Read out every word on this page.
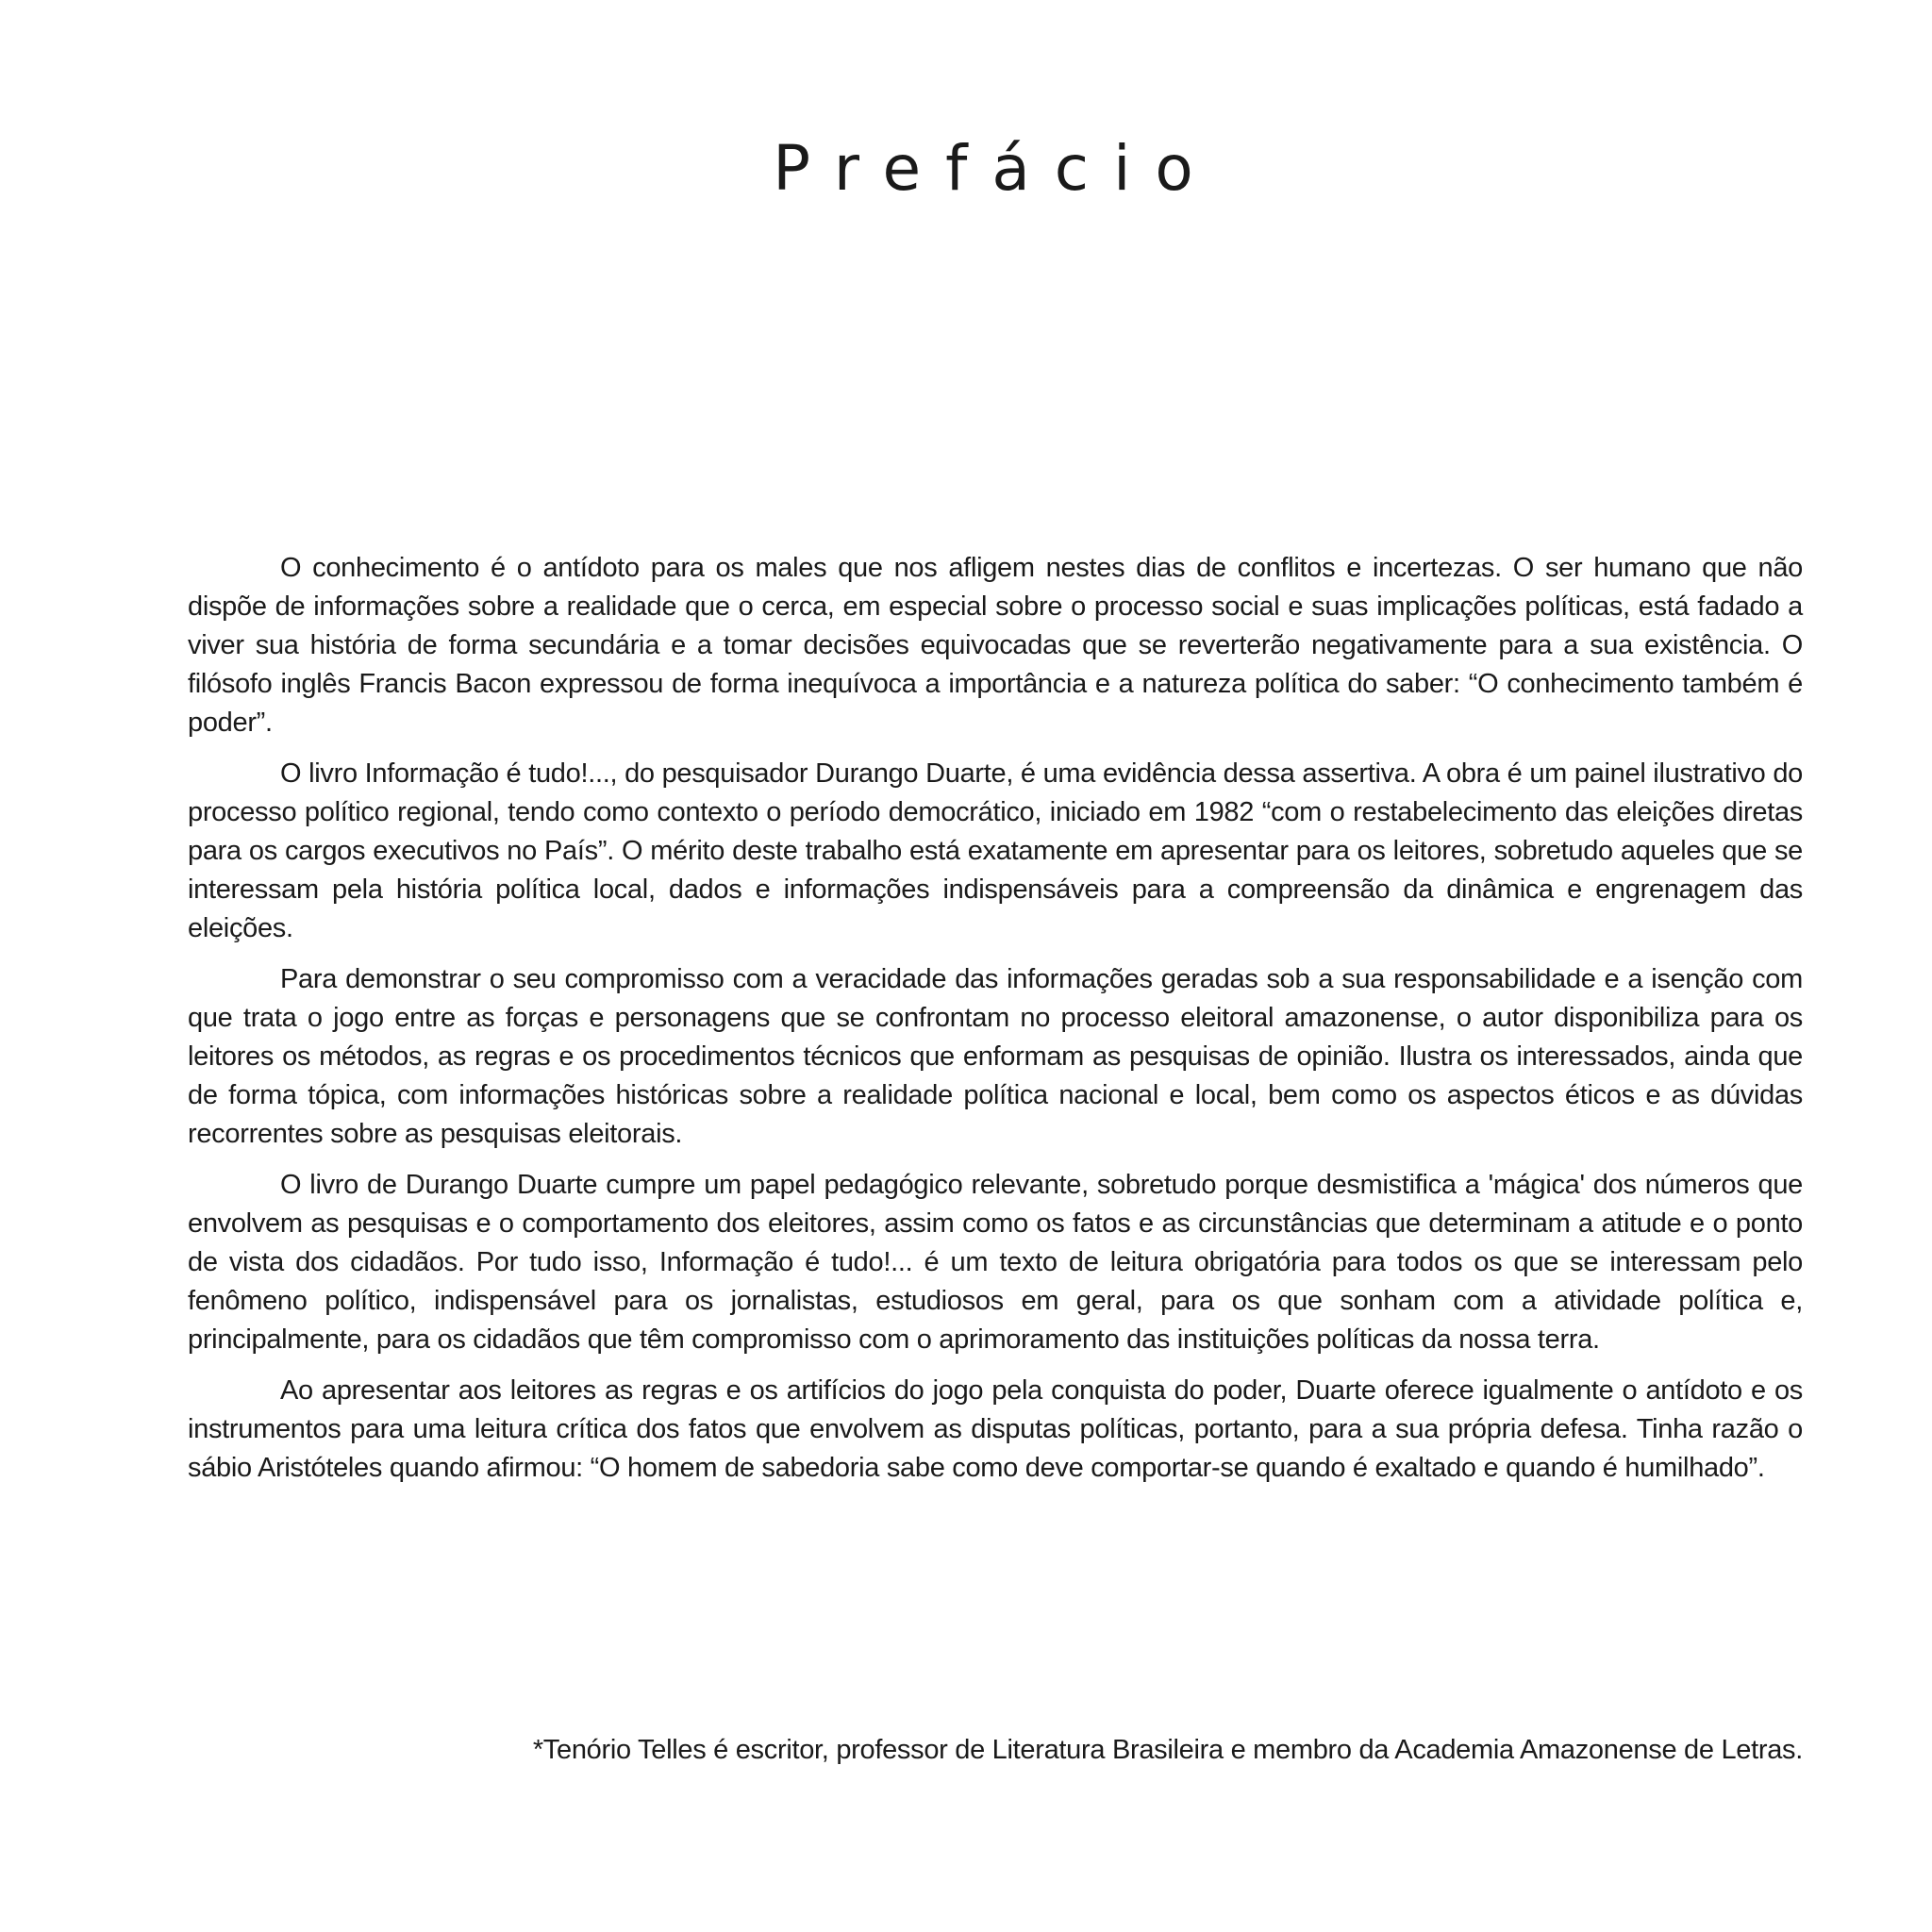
Prefácio

O conhecimento é o antídoto para os males que nos afligem nestes dias de conflitos e incertezas. O ser humano que não dispõe de informações sobre a realidade que o cerca, em especial sobre o processo social e suas implicações políticas, está fadado a viver sua história de forma secundária e a tomar decisões equivocadas que se reverterão negativamente para a sua existência. O filósofo inglês Francis Bacon expressou de forma inequívoca a importância e a natureza política do saber: “O conhecimento também é poder”.

O livro Informação é tudo!..., do pesquisador Durango Duarte, é uma evidência dessa assertiva. A obra é um painel ilustrativo do processo político regional, tendo como contexto o período democrático, iniciado em 1982 “com o restabelecimento das eleições diretas para os cargos executivos no País”. O mérito deste trabalho está exatamente em apresentar para os leitores, sobretudo aqueles que se interessam pela história política local, dados e informações indispensáveis para a compreensão da dinâmica e engrenagem das eleições.

Para demonstrar o seu compromisso com a veracidade das informações geradas sob a sua responsabilidade e a isenção com que trata o jogo entre as forças e personagens que se confrontam no processo eleitoral amazonense, o autor disponibiliza para os leitores os métodos, as regras e os procedimentos técnicos que enformam as pesquisas de opinião. Ilustra os interessados, ainda que de forma tópica, com informações históricas sobre a realidade política nacional e local, bem como os aspectos éticos e as dúvidas recorrentes sobre as pesquisas eleitorais.

O livro de Durango Duarte cumpre um papel pedagógico relevante, sobretudo porque desmistifica a 'mágica' dos números que envolvem as pesquisas e o comportamento dos eleitores, assim como os fatos e as circunstâncias que determinam a atitude e o ponto de vista dos cidadãos. Por tudo isso, Informação é tudo!... é um texto de leitura obrigatória para todos os que se interessam pelo fenômeno político, indispensável para os jornalistas, estudiosos em geral, para os que sonham com a atividade política e, principalmente, para os cidadãos que têm compromisso com o aprimoramento das instituições políticas da nossa terra.

Ao apresentar aos leitores as regras e os artifícios do jogo pela conquista do poder, Duarte oferece igualmente o antídoto e os instrumentos para uma leitura crítica dos fatos que envolvem as disputas políticas, portanto, para a sua própria defesa. Tinha razão o sábio Aristóteles quando afirmou: “O homem de sabedoria sabe como deve comportar-se quando é exaltado e quando é humilhado”.

*Tenório Telles é escritor, professor de Literatura Brasileira e membro da Academia Amazonense de Letras.
